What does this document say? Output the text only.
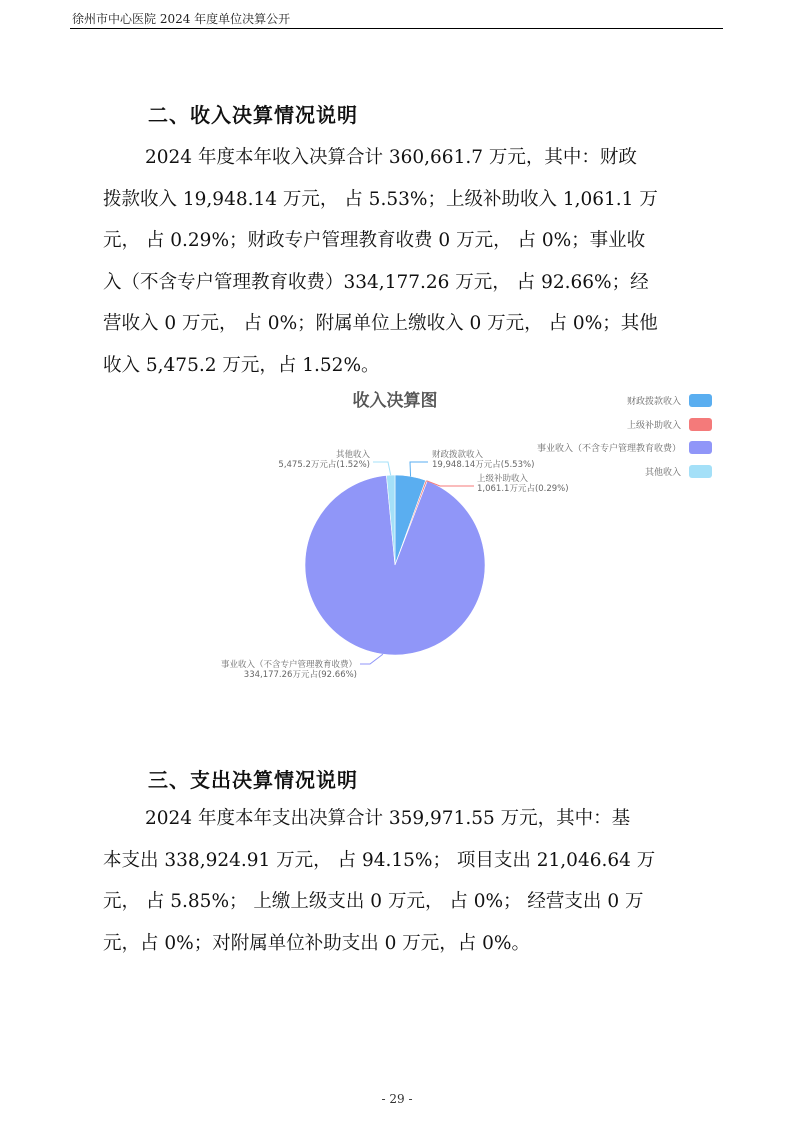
徐州市中心医院 2024 年度单位决算公开
二、收入决算情况说明
2024 年度本年收入决算合计 360,661.7 万元，其中：财政
拨款收入 19,948.14 万元， 占 5.53%；上级补助收入 1,061.1 万
元， 占 0.29%；财政专户管理教育收费 0 万元， 占 0%；事业收
入（不含专户管理教育收费）334,177.26 万元， 占 92.66%；经
营收入 0 万元， 占 0%；附属单位上缴收入 0 万元， 占 0%；其他
收入 5,475.2 万元，占 1.52%。
收入决算图	财政拨款收入
上级补助收入
事业收入（不含专户管理教育收费）
其他收入
其他收入
5,475.2万元占(1.52%)
财政拨款收入
19,948.14万元占(5.53%)
上级补助收入
1,061.1万元占(0.29%)
事业收入（不含专户管理教育收费）
334,177.26万元占(92.66%)
三、支出决算情况说明
2024 年度本年支出决算合计 359,971.55 万元，其中：基
本支出 338,924.91 万元， 占 94.15%； 项目支出 21,046.64 万
元， 占 5.85%； 上缴上级支出 0 万元， 占 0%； 经营支出 0 万
元，占 0%；对附属单位补助支出 0 万元，占 0%。
- 29 -
